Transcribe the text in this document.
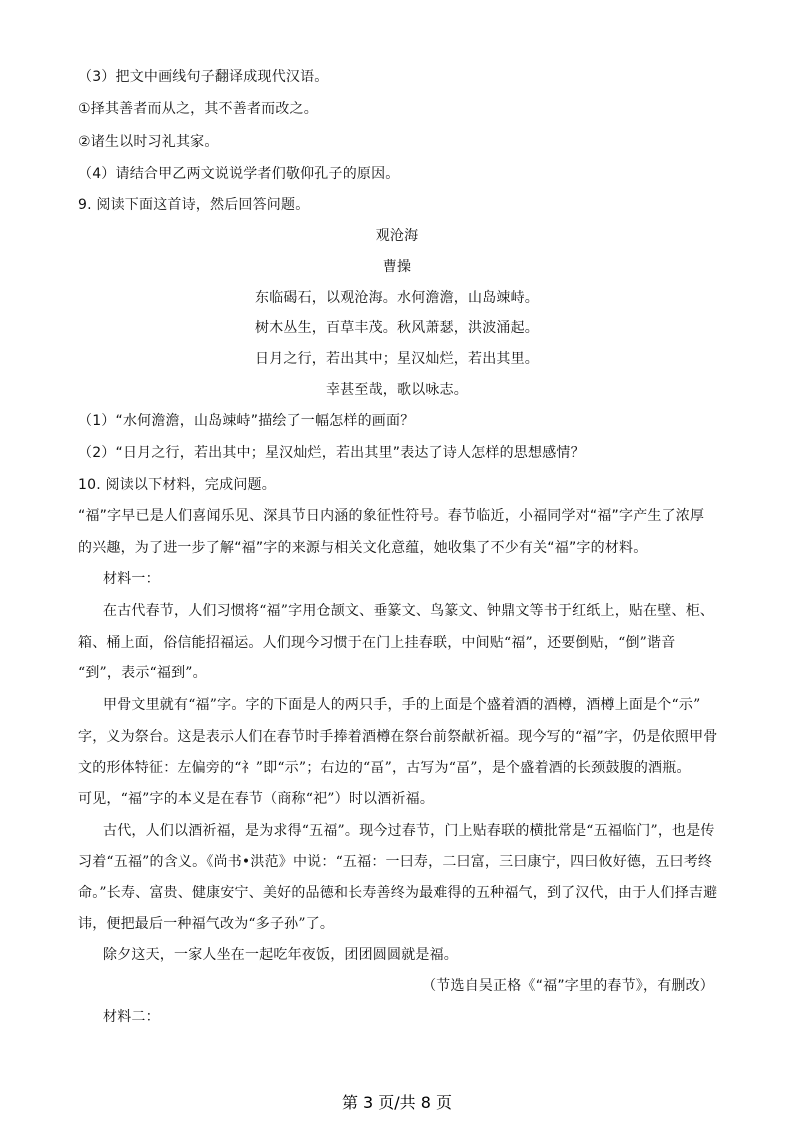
（3）把文中画线句子翻译成现代汉语。
①择其善者而从之，其不善者而改之。
②诸生以时习礼其家。
（4）请结合甲乙两文说说学者们敬仰孔子的原因。
9. 阅读下面这首诗，然后回答问题。
观沧海
曹操
东临碣石，以观沧海。水何澹澹，山岛竦峙。
树木丛生，百草丰茂。秋风萧瑟，洪波涌起。
日月之行，若出其中；星汉灿烂，若出其里。
幸甚至哉，歌以咏志。
（1）“水何澹澹，山岛竦峙”描绘了一幅怎样的画面？
（2）“日月之行，若出其中；星汉灿烂，若出其里”表达了诗人怎样的思想感情？
10. 阅读以下材料，完成问题。
“福”字早已是人们喜闻乐见、深具节日内涵的象征性符号。春节临近，小福同学对“福”字产生了浓厚
的兴趣，为了进一步了解“福”字的来源与相关文化意蕴，她收集了不少有关“福”字的材料。
材料一：
在古代春节，人们习惯将“福”字用仓颉文、垂篆文、鸟篆文、钟鼎文等书于红纸上，贴在壁、柜、
箱、桶上面，俗信能招福运。人们现今习惯于在门上挂春联，中间贴“福”，还要倒贴，“倒”谐音
“到”，表示“福到”。
甲骨文里就有“福”字。字的下面是人的两只手，手的上面是个盛着酒的酒樽，酒樽上面是个“示”
字，义为祭台。这是表示人们在春节时手捧着酒樽在祭台前祭献祈福。现今写的“福”字，仍是依照甲骨
文的形体特征：左偏旁的“礻”即“示”；右边的“畐”，古写为“畐”，是个盛着酒的长颈鼓腹的酒瓶。
可见，“福”字的本义是在春节（商称“祀”）时以酒祈福。
古代，人们以酒祈福，是为求得“五福”。现今过春节，门上贴春联的横批常是“五福临门”，也是传
习着“五福”的含义。《尚书•洪范》中说：“五福：一曰寿，二曰富，三曰康宁，四曰攸好德，五曰考终
命。”长寿、富贵、健康安宁、美好的品德和长寿善终为最难得的五种福气，到了汉代，由于人们择吉避
讳，便把最后一种福气改为“多子孙”了。
除夕这天，一家人坐在一起吃年夜饭，团团圆圆就是福。
（节选自吴正格《“福”字里的春节》，有删改）
材料二：
第 3 页/共 8 页
